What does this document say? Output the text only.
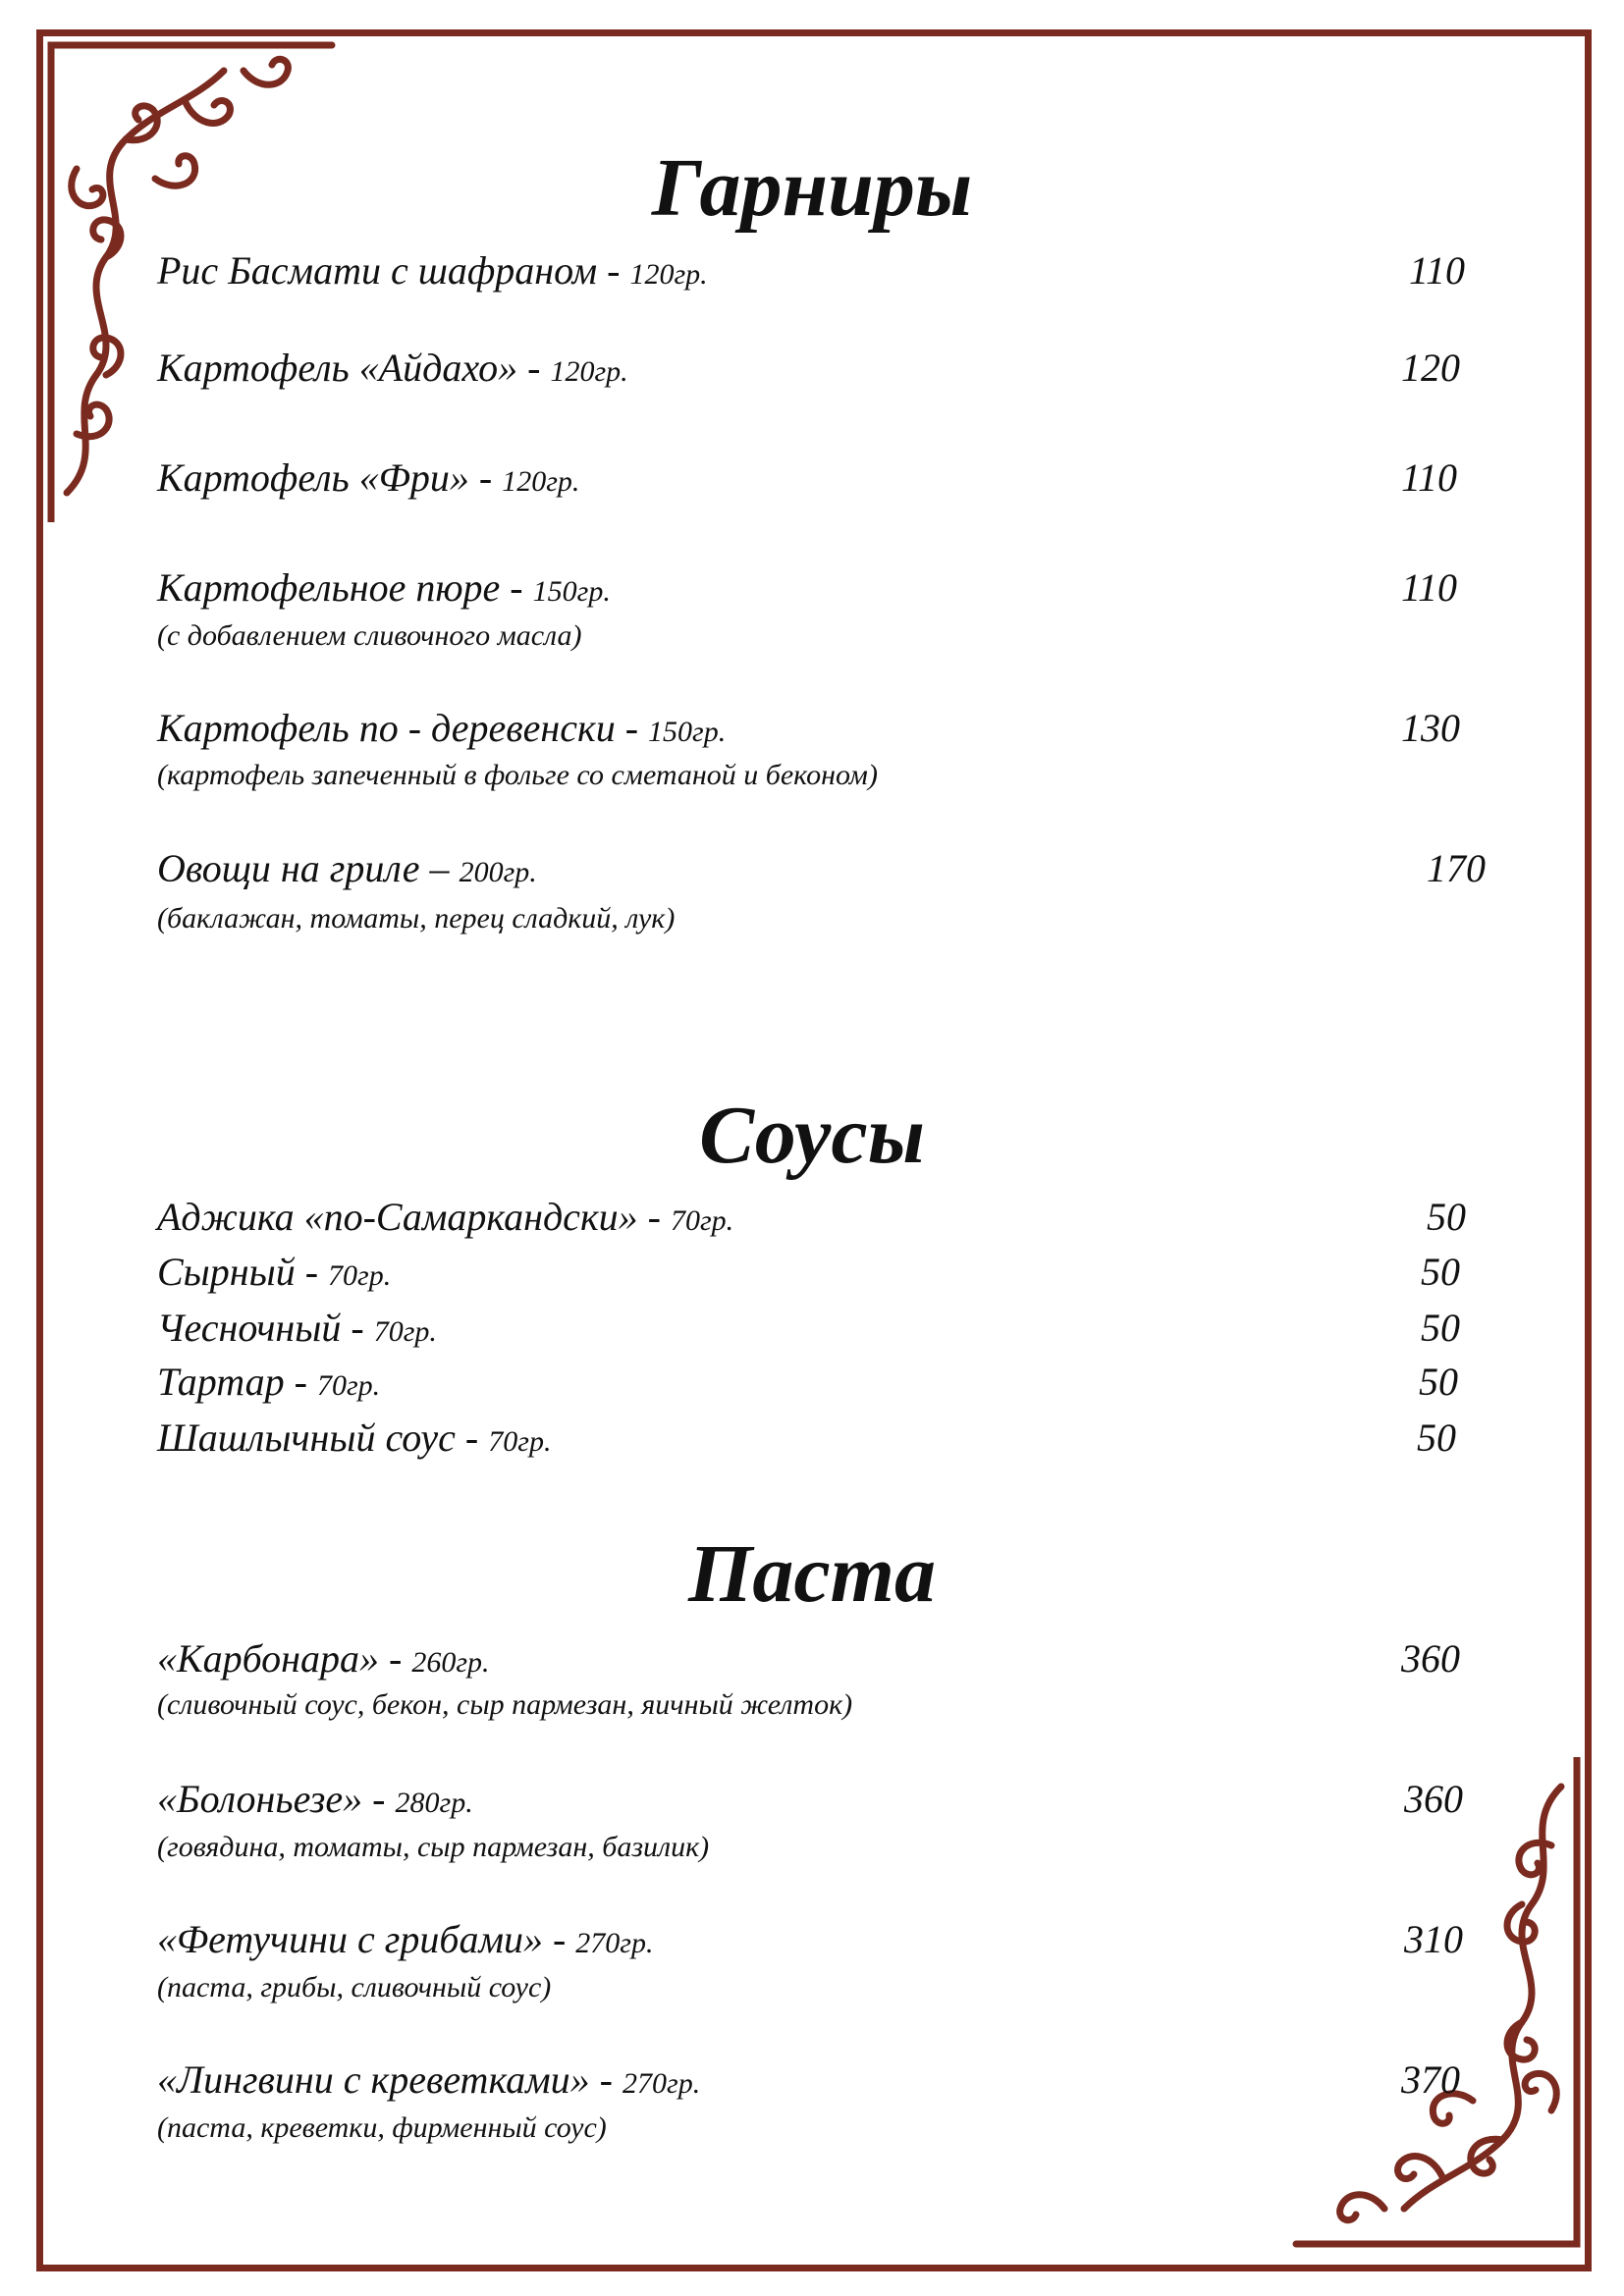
Гарниры
Рис Басмати с шафраном - 120гр.	110
Картофель «Айдахо» - 120гр.	120
Картофель «Фри» - 120гр.	110
Картофельное пюре - 150гр.	110
(с добавлением сливочного масла)
Картофель по - деревенски - 150гр.	130
(картофель запеченный в фольге со сметаной и беконом)
Овощи на гриле – 200гр.	170
(баклажан, томаты, перец сладкий, лук)
Соусы
Аджика «по-Самаркандски» - 70гр.	50
Сырный - 70гр.	50
Чесночный - 70гр.	50
Тартар - 70гр.	50
Шашлычный соус - 70гр.	50
Паста
«Карбонара» - 260гр.	360
(сливочный соус, бекон, сыр пармезан, яичный желток)
«Болоньезе» - 280гр.	360
(говядина, томаты, сыр пармезан, базилик)
«Фетучини с грибами» - 270гр.	310
(паста, грибы, сливочный соус)
«Лингвини с креветками» - 270гр.	370
(паста, креветки, фирменный соус)
